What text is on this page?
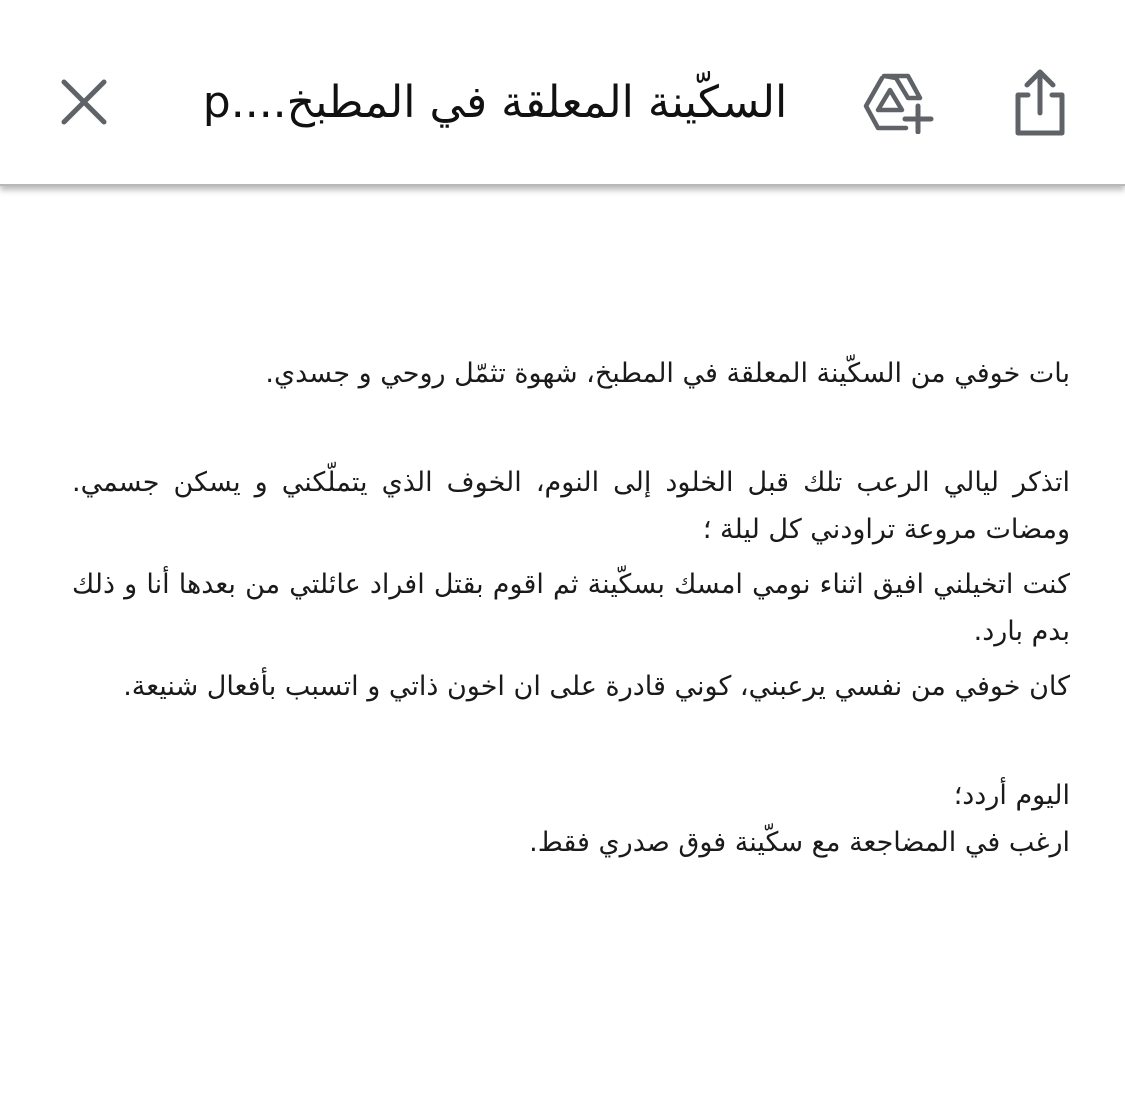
السكّينة المعلقة في المطبخ....p

بات خوفي من السكّينة المعلقة في المطبخ، شهوة تثمّل روحي و جسدي.

اتذكر ليالي الرعب تلك قبل الخلود إلى النوم، الخوف الذي يتملّكني و يسكن جسمي. ومضات مروعة تراودني كل ليلة ؛

كنت اتخيلني افيق اثناء نومي امسك بسكّينة ثم اقوم بقتل افراد عائلتي من بعدها أنا و ذلك بدم بارد.

كان خوفي من نفسي يرعبني، كوني قادرة على ان اخون ذاتي و اتسبب بأفعال شنيعة.

اليوم أردد؛

ارغب في المضاجعة مع سكّينة فوق صدري فقط.
